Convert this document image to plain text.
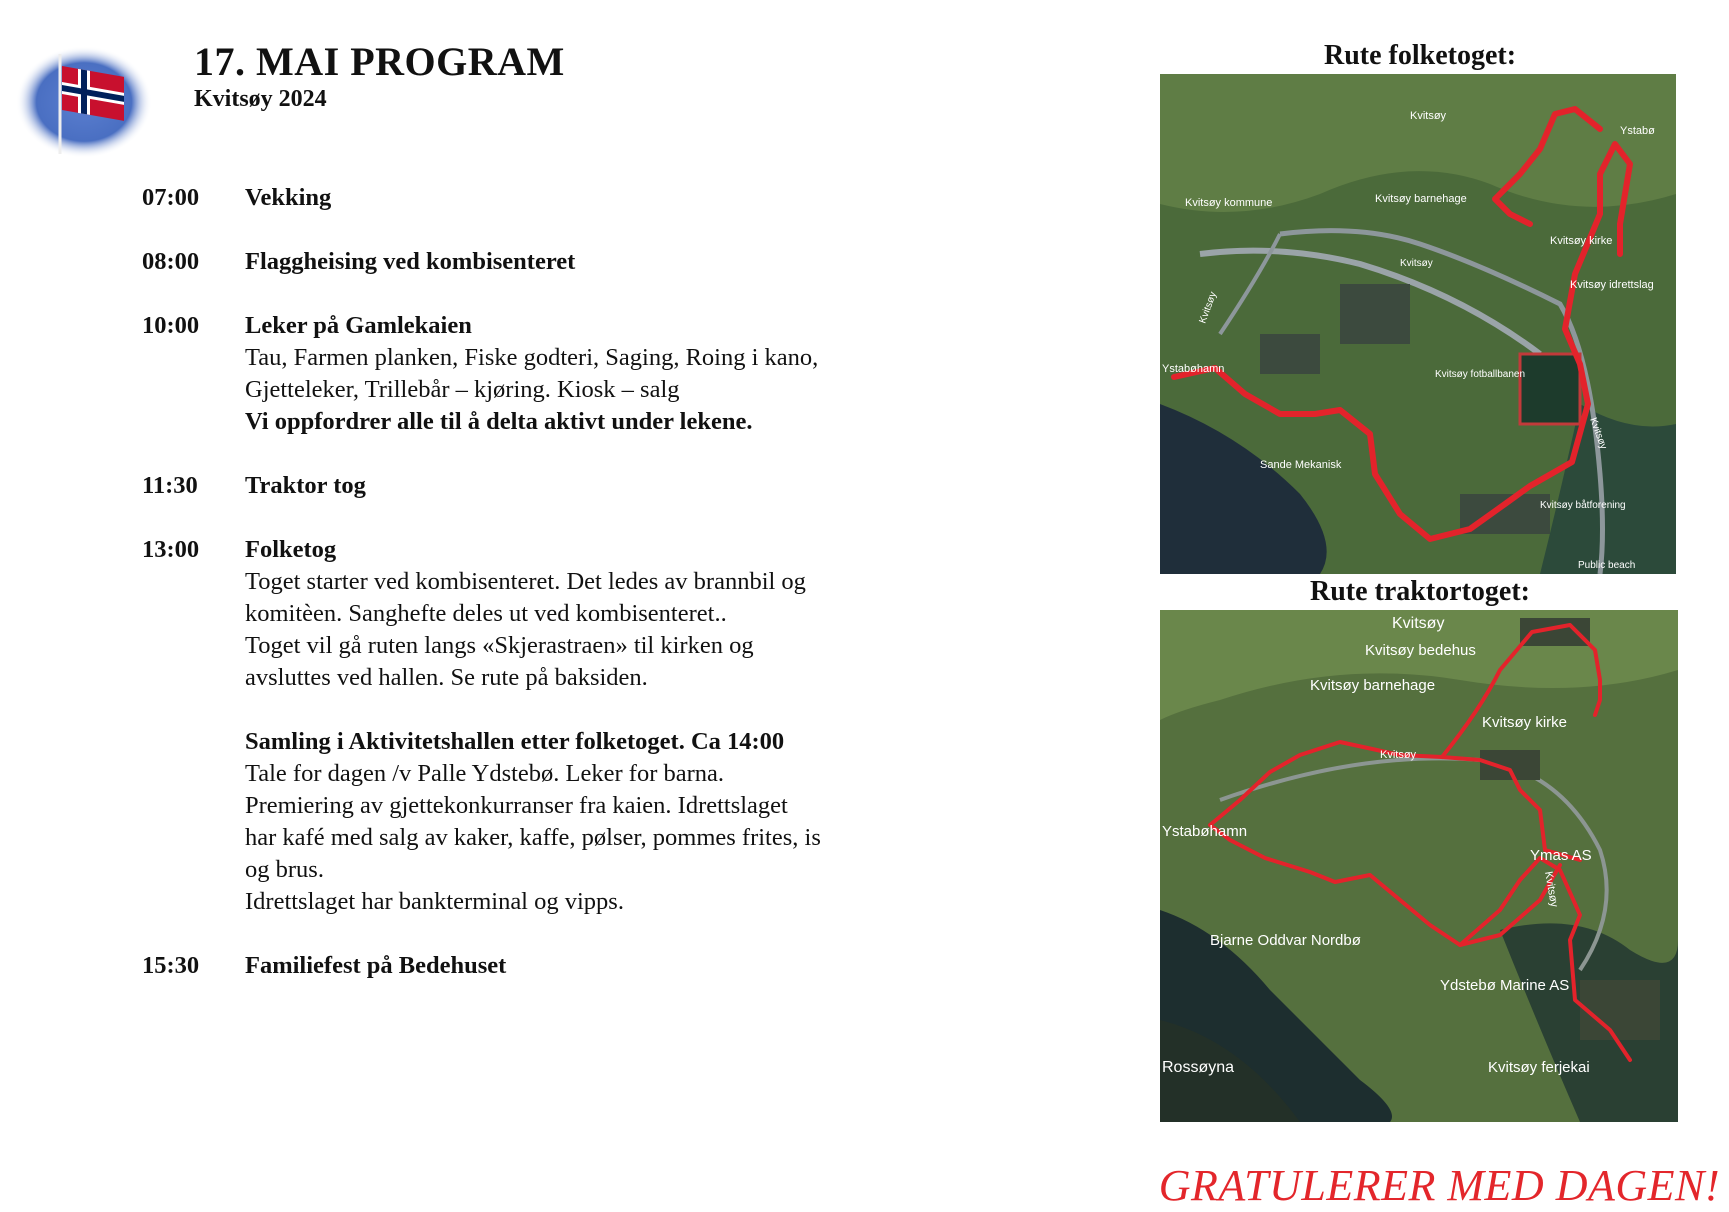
17. MAI PROGRAM
Kvitsøy 2024
07:00	Vekking
08:00	Flaggheising ved kombisenteret
10:00	Leker på Gamlekaien
Tau, Farmen planken, Fiske godteri, Saging, Roing i kano,
Gjetteleker, Trillebår – kjøring. Kiosk – salg
Vi oppfordrer alle til å delta aktivt under lekene.
11:30	Traktor tog
13:00	Folketog
Toget starter ved kombisenteret. Det ledes av brannbil og
komitèen. Sanghefte deles ut ved kombisenteret..
Toget vil gå ruten langs «Skjerastraen» til kirken og
avsluttes ved hallen. Se rute på baksiden.
Samling i Aktivitetshallen etter folketoget. Ca 14:00
Tale for dagen /v Palle Ydstebø. Leker for barna.
Premiering av gjettekonkurranser fra kaien. Idrettslaget
har kafé med salg av kaker, kaffe, pølser, pommes frites, is
og brus.
Idrettslaget har bankterminal og vipps.
15:30	Familiefest på Bedehuset
Rute folketoget:
Kvitsøy
Ystabø
Kvitsøy kommune	Kvitsøy barnehage
Kvitsøy kirke
Kvitsøy idrettslag
Kvitsøy
Kvitsøy
Kvitsøy fotballbanen
Kvitsøy
Sande Mekanisk
Kvitsøy båtforening
Public beach
Ystabøhamn
Rute traktortoget:
Kvitsøy
Kvitsøy bedehus
Kvitsøy barnehage
Kvitsøy kirke
Kvitsøy
Ystabøhamn
Ymas AS
Kvitsøy
Bjarne Oddvar Nordbø
Ydstebø Marine AS
Rossøyna	Kvitsøy ferjekai
GRATULERER MED DAGEN!
